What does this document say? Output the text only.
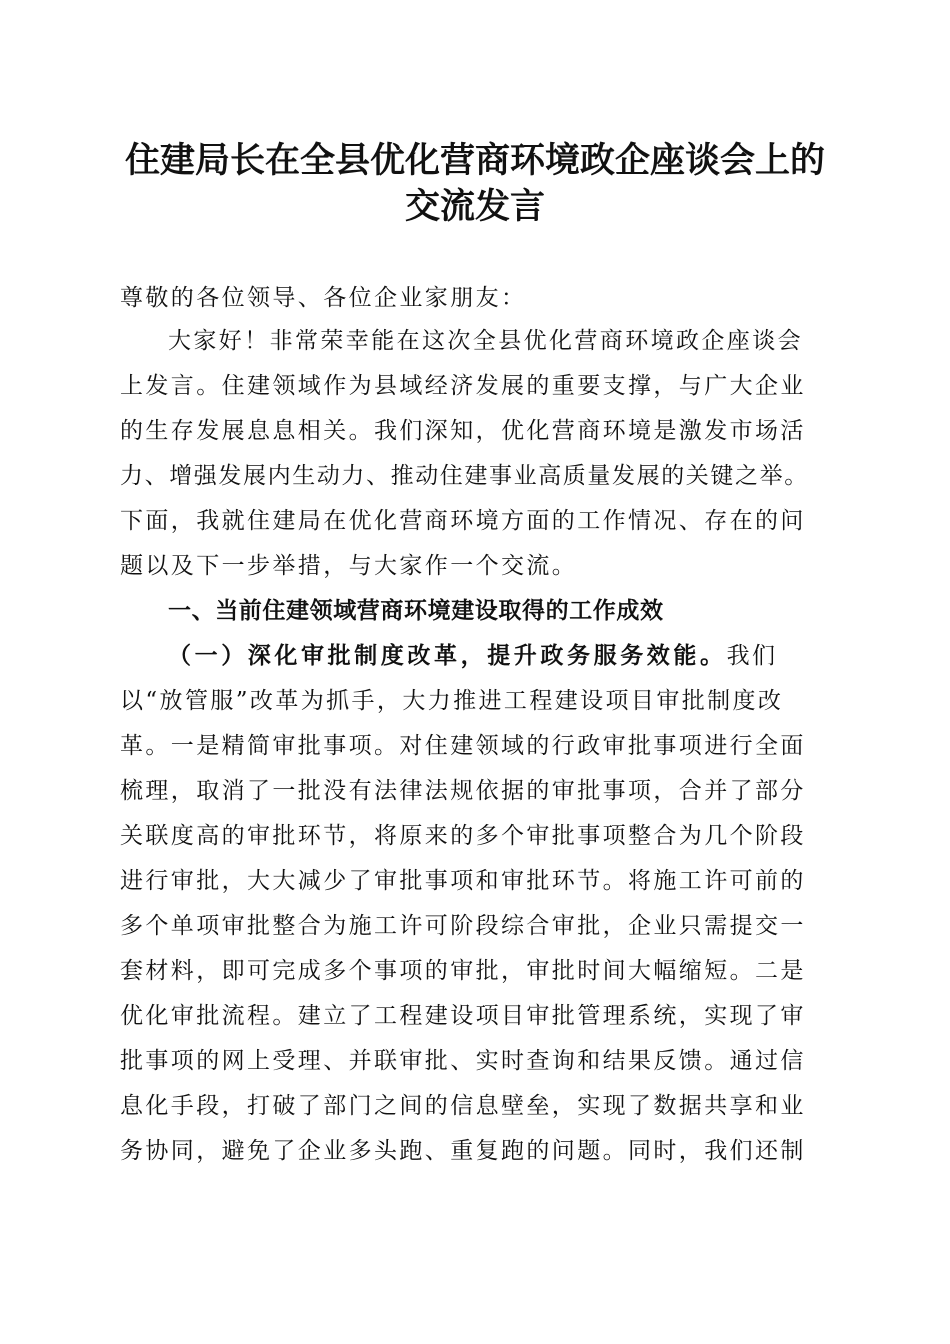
住建局长在全县优化营商环境政企座谈会上的
交流发言
尊敬的各位领导、各位企业家朋友：
大家好！非常荣幸能在这次全县优化营商环境政企座谈会
上发言。住建领域作为县域经济发展的重要支撑，与广大企业
的生存发展息息相关。我们深知，优化营商环境是激发市场活
力、增强发展内生动力、推动住建事业高质量发展的关键之举。
下面，我就住建局在优化营商环境方面的工作情况、存在的问
题以及下一步举措，与大家作一个交流。
一、当前住建领域营商环境建设取得的工作成效
（一）深化审批制度改革，提升政务服务效能。我们
以“放管服”改革为抓手，大力推进工程建设项目审批制度改
革。一是精简审批事项。对住建领域的行政审批事项进行全面
梳理，取消了一批没有法律法规依据的审批事项，合并了部分
关联度高的审批环节，将原来的多个审批事项整合为几个阶段
进行审批，大大减少了审批事项和审批环节。将施工许可前的
多个单项审批整合为施工许可阶段综合审批，企业只需提交一
套材料，即可完成多个事项的审批，审批时间大幅缩短。二是
优化审批流程。建立了工程建设项目审批管理系统，实现了审
批事项的网上受理、并联审批、实时查询和结果反馈。通过信
息化手段，打破了部门之间的信息壁垒，实现了数据共享和业
务协同，避免了企业多头跑、重复跑的问题。同时，我们还制
